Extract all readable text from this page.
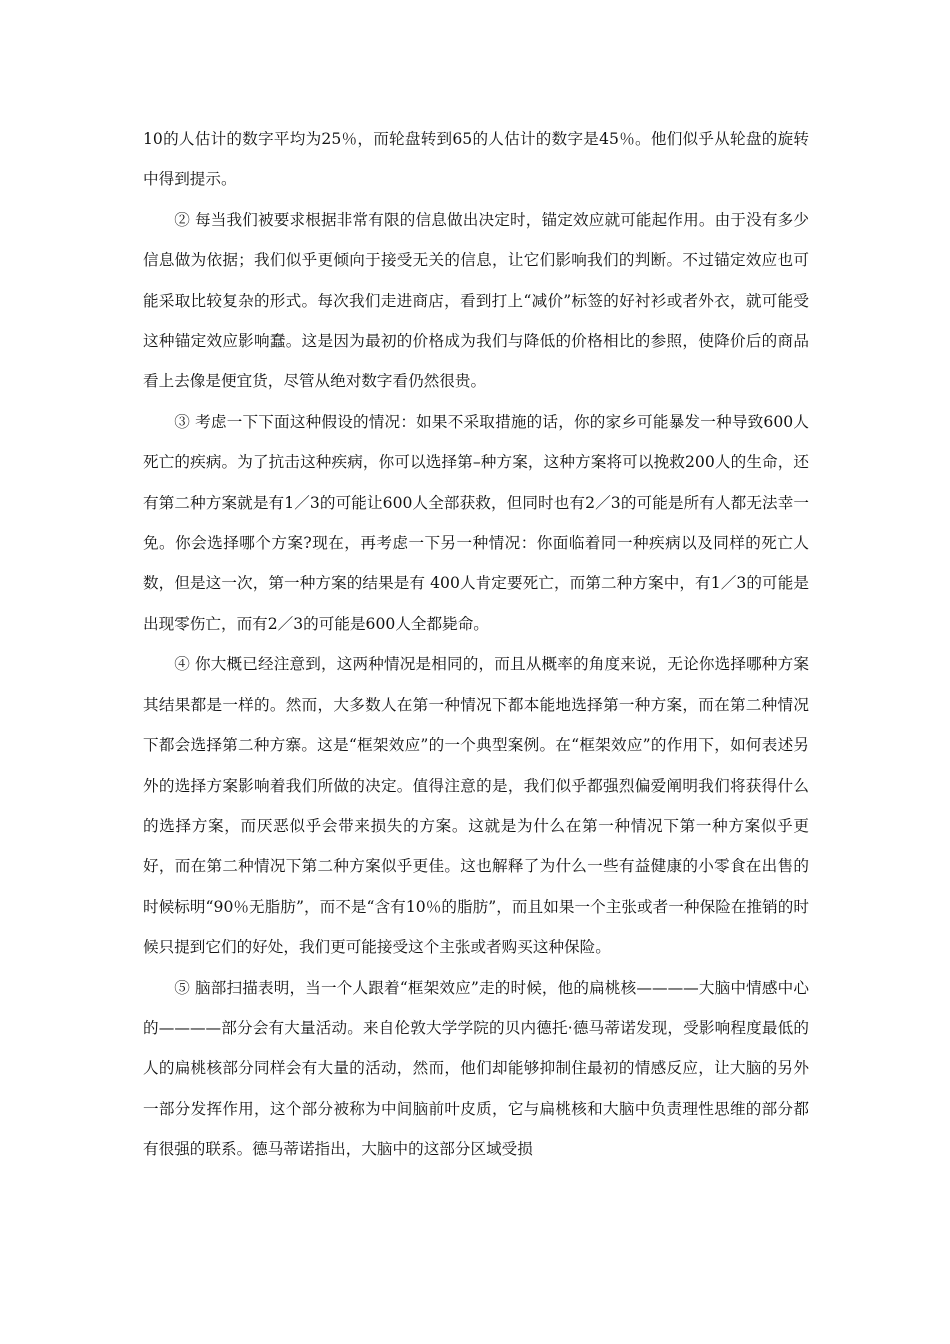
10的人估计的数字平均为25％，而轮盘转到65的人估计的数字是45％。他们似乎从轮盘的旋转中得到提示。

② 每当我们被要求根据非常有限的信息做出决定时，锚定效应就可能起作用。由于没有多少信息做为依据；我们似乎更倾向于接受无关的信息，让它们影响我们的判断。不过锚定效应也可能采取比较复杂的形式。每次我们走进商店，看到打上“减价”标签的好衬衫或者外衣，就可能受这种锚定效应影响蠢。这是因为最初的价格成为我们与降低的价格相比的参照，使降价后的商品看上去像是便宜货，尽管从绝对数字看仍然很贵。

③ 考虑一下下面这种假设的情况：如果不采取措施的话，你的家乡可能暴发一种导致600人死亡的疾病。为了抗击这种疾病，你可以选择第–种方案，这种方案将可以挽救200人的生命，还有第二种方案就是有1／3的可能让600人全部获救，但同时也有2／3的可能是所有人都无法幸一免。你会选择哪个方案?现在，再考虑一下另一种情况：你面临着同一种疾病以及同样的死亡人数，但是这一次，第一种方案的结果是有 400人肯定要死亡，而第二种方案中，有1／3的可能是出现零伤亡，而有2／3的可能是600人全都毙命。

④ 你大概已经注意到，这两种情况是相同的，而且从概率的角度来说，无论你选择哪种方案其结果都是一样的。然而，大多数人在第一种情况下都本能地选择第一种方案，而在第二种情况下都会选择第二种方寨。这是“框架效应”的一个典型案例。在“框架效应”的作用下，如何表述另外的选择方案影响着我们所做的决定。值得注意的是，我们似乎都强烈偏爱阐明我们将获得什么的选择方案，而厌恶似乎会带来损失的方案。这就是为什么在第一种情况下第一种方案似乎更好，而在第二种情况下第二种方案似乎更佳。这也解释了为什么一些有益健康的小零食在出售的时候标明“90％无脂肪”，而不是“含有10％的脂肪”，而且如果一个主张或者一种保险在推销的时候只提到它们的好处，我们更可能接受这个主张或者购买这种保险。

⑤ 脑部扫描表明，当一个人跟着“框架效应”走的时候，他的扁桃核————大脑中情感中心的————部分会有大量活动。来自伦敦大学学院的贝内德托·德马蒂诺发现，受影响程度最低的人的扁桃核部分同样会有大量的活动，然而，他们却能够抑制住最初的情感反应，让大脑的另外一部分发挥作用，这个部分被称为中间脑前叶皮质，它与扁桃核和大脑中负责理性思维的部分都有很强的联系。德马蒂诺指出，大脑中的这部分区域受损
